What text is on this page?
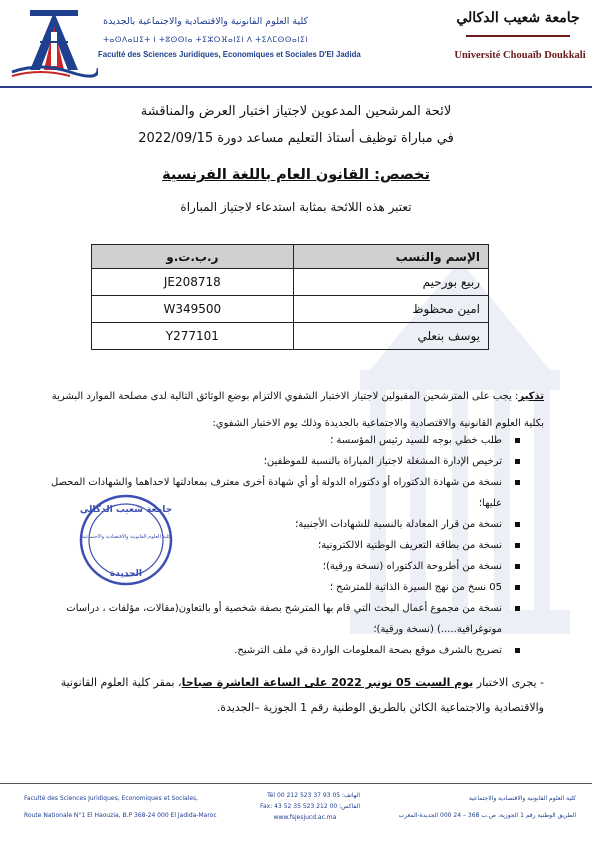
كلية العلوم القانونية والاقتصادية والاجتماعية بالجديدة
ⵜⴰⵙⴷⴰⵡⵉⵜ ⵏ ⵜⵓⵙⵙⵏⴰ ⵜⵉⵣⵔⴼⴰⵏⵉⵏ ⴷ ⵜⵉⴷⵎⵙⵙⴰⵏⵉⵏ
Faculté des Sciences Juridiques, Economiques et Sociales D'El Jadida
جامعة شعيب الدكالي
Université Chouaïb Doukkali
لائحة المرشحين المدعوين لاجتياز اختبار العرض والمناقشة
في مباراة توظيف أستاذ التعليم مساعد دورة 2022/09/15
تخصص: القانون العام باللغة الفرنسية
تعتبر هذه اللائحة بمثابة استدعاء لاجتياز المباراة
ر.ب.ت.و	الإسم والنسب
JE208718	ربيع بورحيم
W349500	امين محظوظ
Y277101	يوسف بنعلي
تذكير: يجب على المترشحين المقبولين لاجتياز الاختبار الشفوي الالتزام بوضع الوثائق التالية لدى مصلحة الموارد البشرية بكلية العلوم القانونية والاقتصادية والاجتماعية بالجديدة وذلك يوم الاختبار الشفوي:
طلب خطي بوجه للسيد رئيس المؤسسة ؛
ترخيص الإدارة المشغلة لاجتياز المباراة بالنسبة للموظفين؛
نسخة من شهادة الدكتوراه أو دكتوراه الدولة أو أي شهادة أخرى معترف بمعادلتها لاحداهما والشهادات المحصل عليها؛
نسخة من قرار المعادلة بالنسبة للشهادات الأجنبية؛
نسخة من بطاقة التعريف الوطنية الالكترونية؛
نسخة من أطروحة الدكتوراه (نسخة ورقية)؛
05 نسخ من نهج السيرة الذاتية للمترشح ؛
نسخة من مجموع أعمال البحث التي قام بها المترشح بصفة شخصية أو بالتعاون(مقالات، مؤلفات ، دراسات مونوغرافية.....) (نسخة ورقية)؛
تصريح بالشرف موقع بصحة المعلومات الواردة في ملف الترشيح.
جامعة شعيب الدكالي
كلية العلوم القانونية والاقتصادية والاجتماعية
الجديدة
- يجرى الاختبار يوم السبت 05 نونبر 2022 على الساعة العاشرة صباحا، بمقر كلية العلوم القانونية والاقتصادية والاجتماعية الكائن بالطريق الوطنية رقم 1 الجوزية –الجديدة.
Faculté des Sciences Juridiques, Economiques et Sociales,
Route Nationale N°1 El Haouzia, B.P 368-24 000 El Jadida-Maroc
الهاتف: 05 93 37 523 212 00 Tél
الفاكس: 00 212 523 35 52 43 :Fax
www.fsjesjucd.ac.ma
كلية العلوم القانونية والاقتصادية والاجتماعية
الطريق الوطنية رقم 1 الجوزية، ص.ب 368 – 24 000 الجديدة-المغرب
